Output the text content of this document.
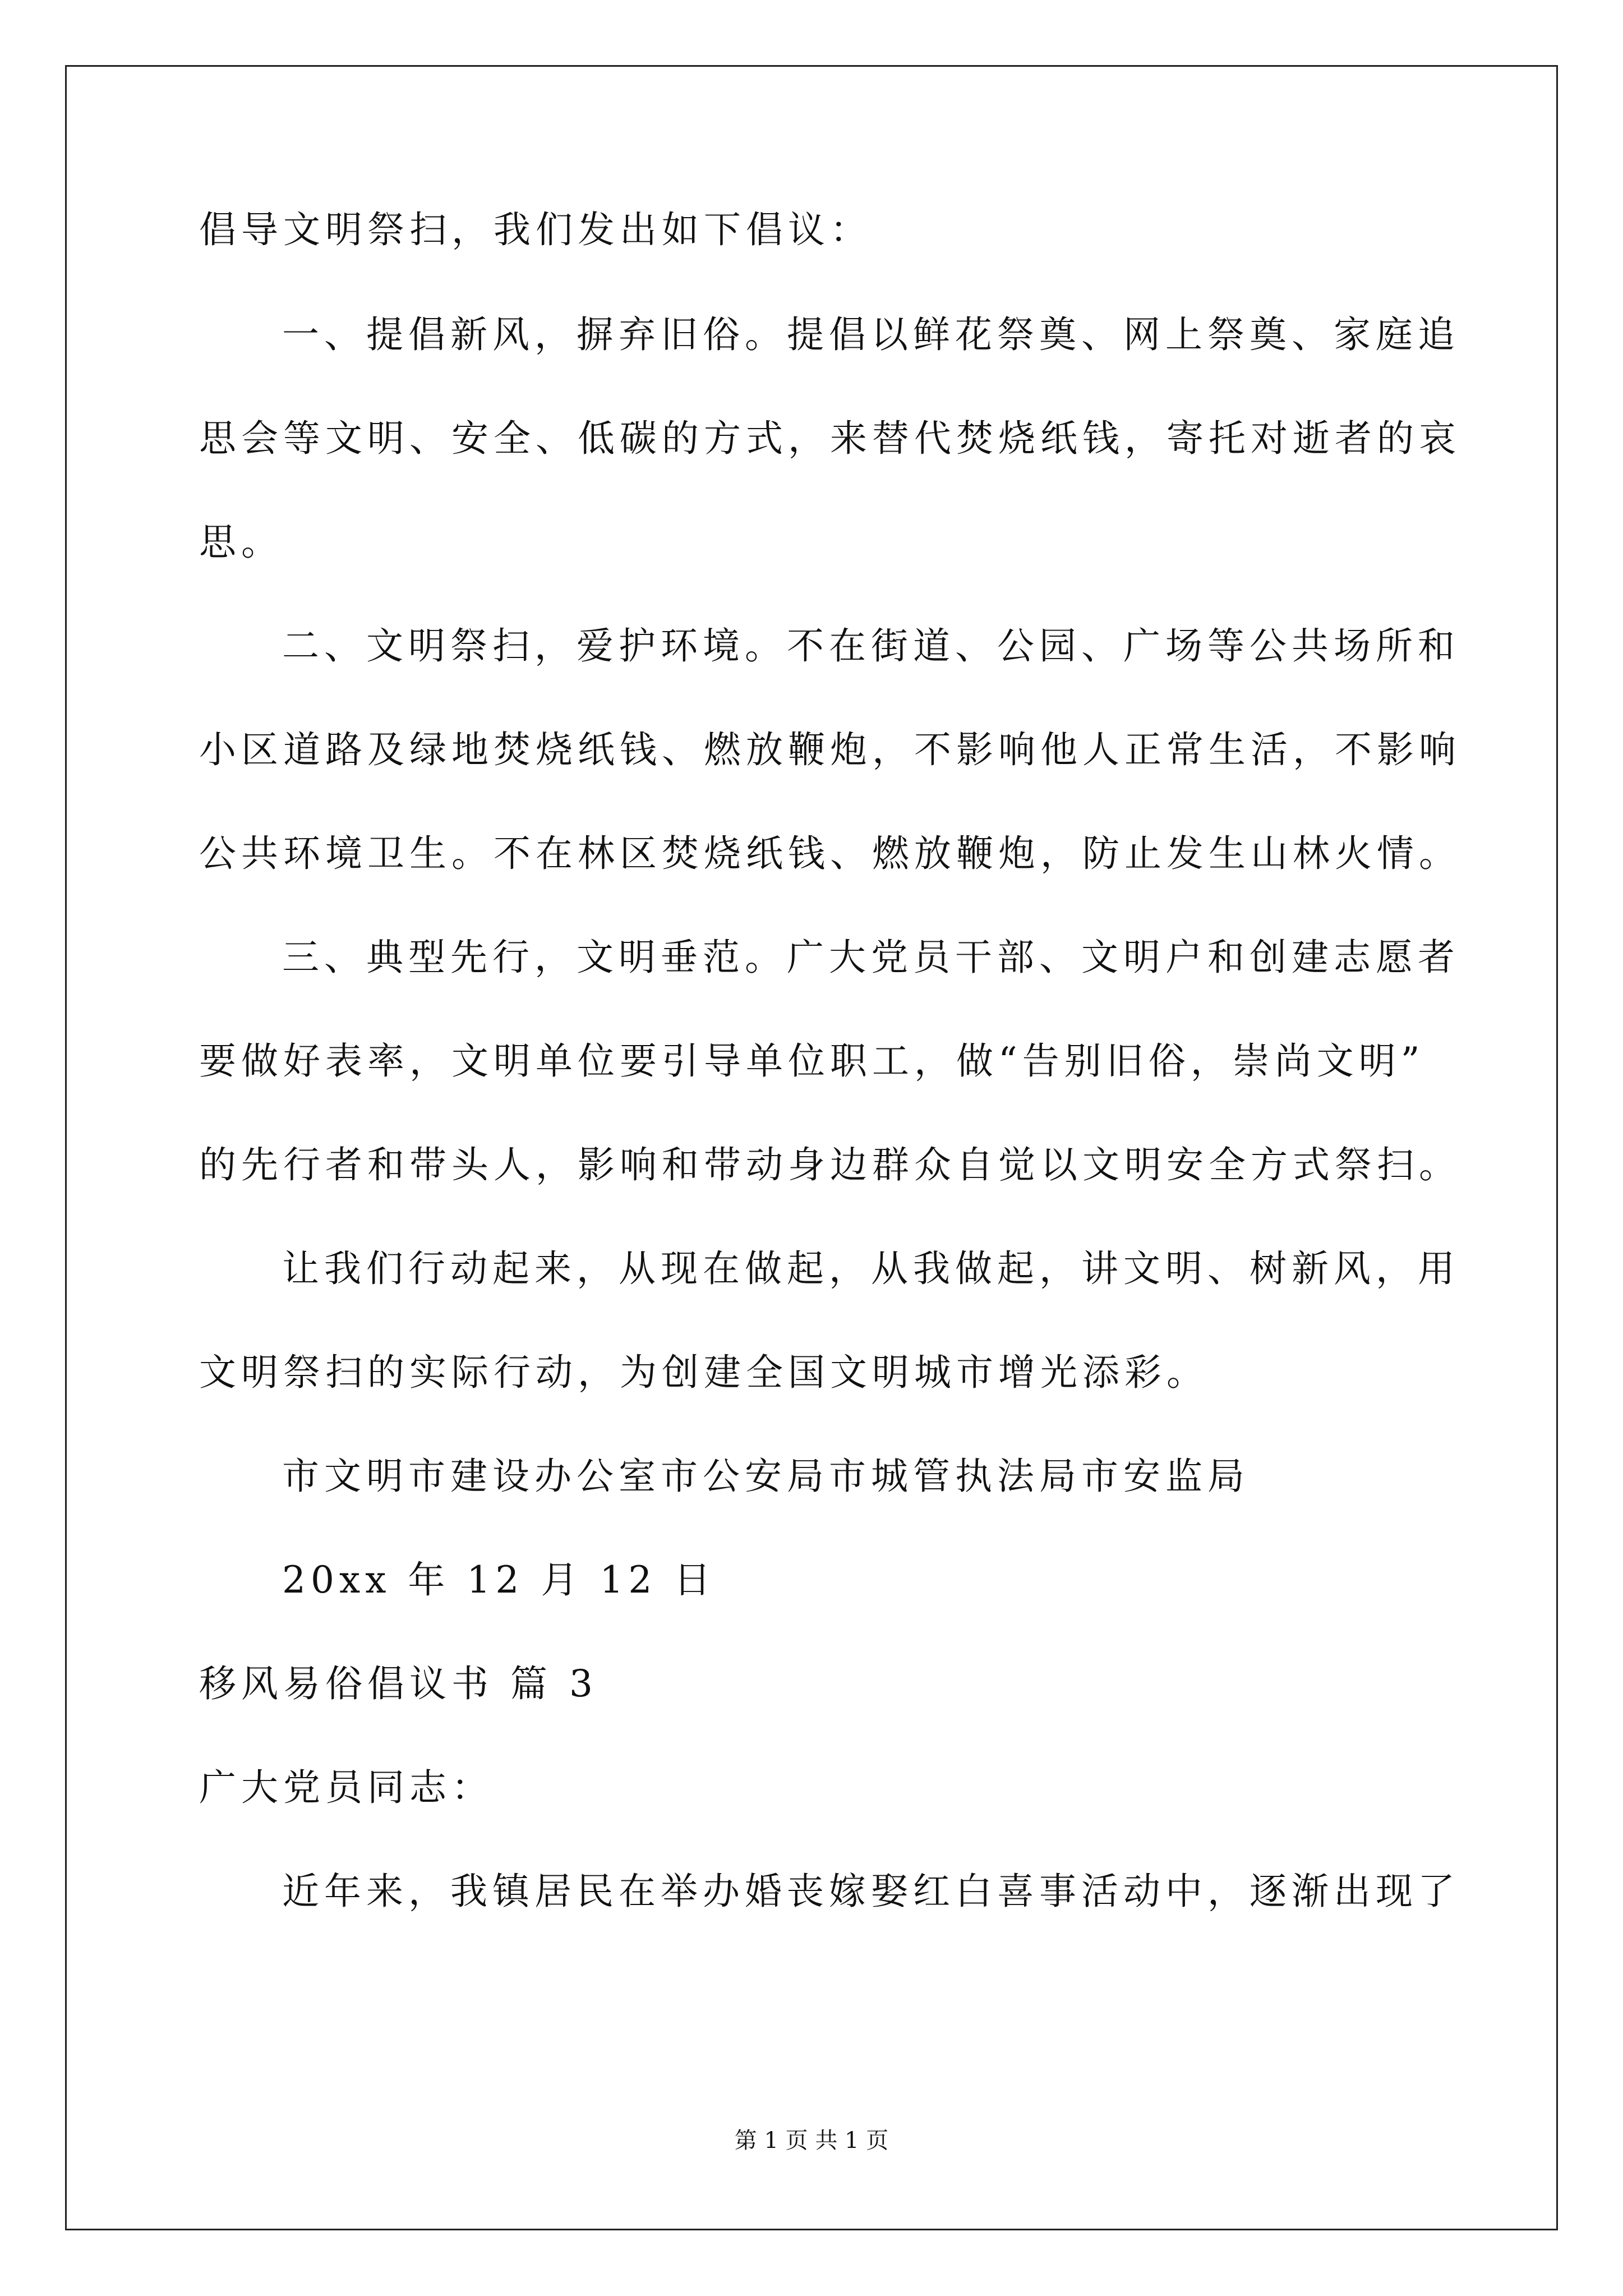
倡导文明祭扫，我们发出如下倡议：
一、提倡新风，摒弃旧俗。提倡以鲜花祭奠、网上祭奠、家庭追
思会等文明、安全、低碳的方式，来替代焚烧纸钱，寄托对逝者的哀
思。
二、文明祭扫，爱护环境。不在街道、公园、广场等公共场所和
小区道路及绿地焚烧纸钱、燃放鞭炮，不影响他人正常生活，不影响
公共环境卫生。不在林区焚烧纸钱、燃放鞭炮，防止发生山林火情。
三、典型先行，文明垂范。广大党员干部、文明户和创建志愿者
要做好表率，文明单位要引导单位职工，做“告别旧俗，崇尚文明”
的先行者和带头人，影响和带动身边群众自觉以文明安全方式祭扫。
让我们行动起来，从现在做起，从我做起，讲文明、树新风，用
文明祭扫的实际行动，为创建全国文明城市增光添彩。
市文明市建设办公室市公安局市城管执法局市安监局
20xx 年 12 月 12 日
移风易俗倡议书 篇 3
广大党员同志：
近年来，我镇居民在举办婚丧嫁娶红白喜事活动中，逐渐出现了
第 1 页 共 1 页
